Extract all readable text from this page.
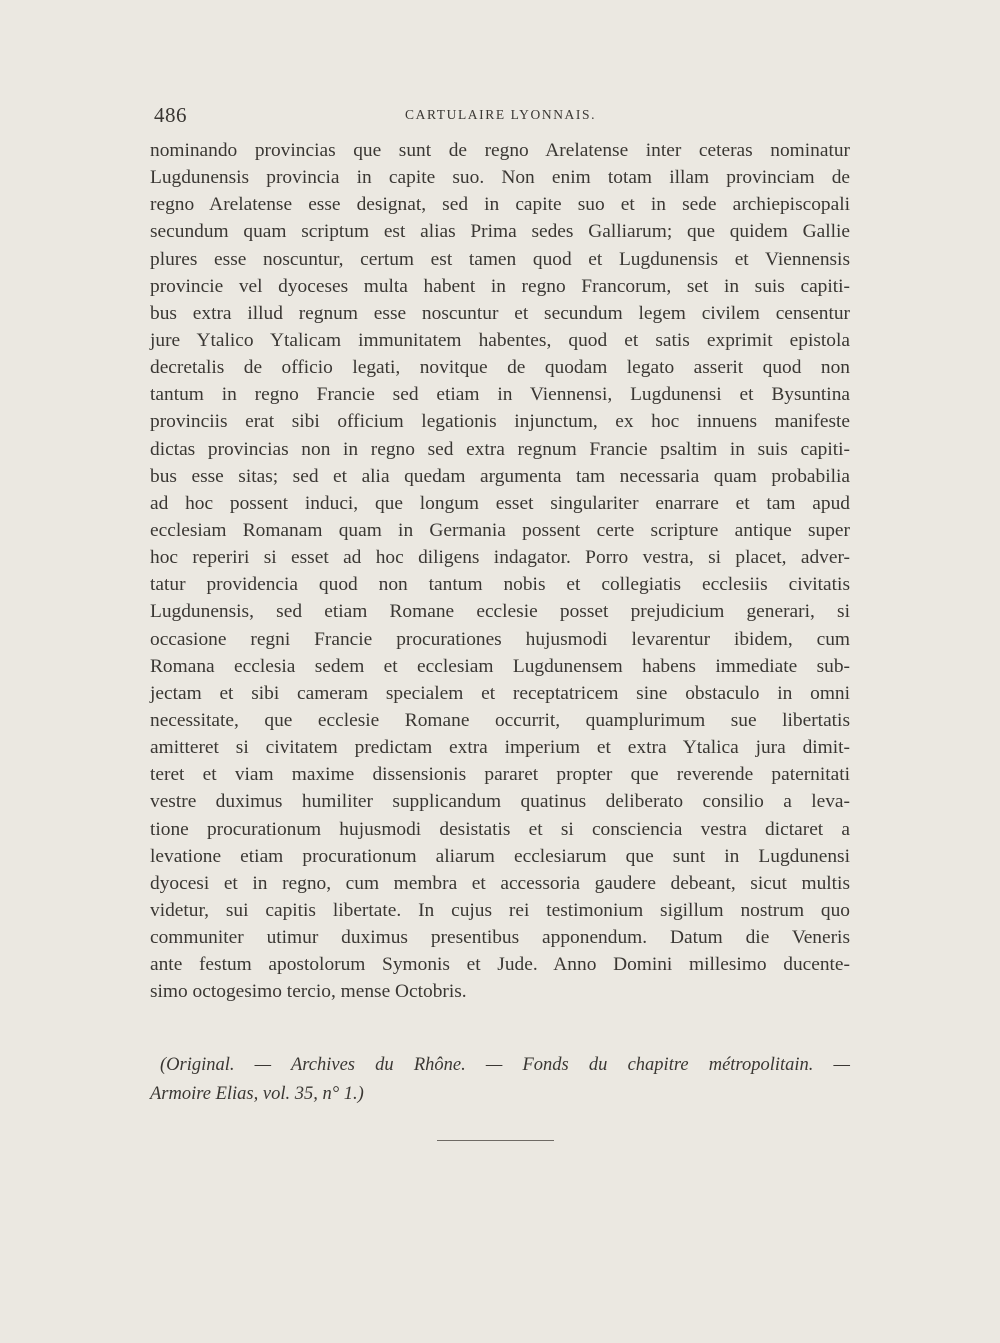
486	CARTULAIRE LYONNAIS.
nominando provincias que sunt de regno Arelatense inter ceteras nominatur
Lugdunensis provincia in capite suo. Non enim totam illam provinciam de
regno Arelatense esse designat, sed in capite suo et in sede archiepiscopali
secundum quam scriptum est alias Prima sedes Galliarum; que quidem Gallie
plures esse noscuntur, certum est tamen quod et Lugdunensis et Viennensis
provincie vel dyoceses multa habent in regno Francorum, set in suis capiti-
bus extra illud regnum esse noscuntur et secundum legem civilem censentur
jure Ytalico Ytalicam immunitatem habentes, quod et satis exprimit epistola
decretalis de officio legati, novitque de quodam legato asserit quod non
tantum in regno Francie sed etiam in Viennensi, Lugdunensi et Bysuntina
provinciis erat sibi officium legationis injunctum, ex hoc innuens manifeste
dictas provincias non in regno sed extra regnum Francie psaltim in suis capiti-
bus esse sitas; sed et alia quedam argumenta tam necessaria quam probabilia
ad hoc possent induci, que longum esset singulariter enarrare et tam apud
ecclesiam Romanam quam in Germania possent certe scripture antique super
hoc reperiri si esset ad hoc diligens indagator. Porro vestra, si placet, adver-
tatur providencia quod non tantum nobis et collegiatis ecclesiis civitatis
Lugdunensis, sed etiam Romane ecclesie posset prejudicium generari, si
occasione regni Francie procurationes hujusmodi levarentur ibidem, cum
Romana ecclesia sedem et ecclesiam Lugdunensem habens immediate sub-
jectam et sibi cameram specialem et receptatricem sine obstaculo in omni
necessitate, que ecclesie Romane occurrit, quamplurimum sue libertatis
amitteret si civitatem predictam extra imperium et extra Ytalica jura dimit-
teret et viam maxime dissensionis pararet propter que reverende paternitati
vestre duximus humiliter supplicandum quatinus deliberato consilio a leva-
tione procurationum hujusmodi desistatis et si consciencia vestra dictaret a
levatione etiam procurationum aliarum ecclesiarum que sunt in Lugdunensi
dyocesi et in regno, cum membra et accessoria gaudere debeant, sicut multis
videtur, sui capitis libertate. In cujus rei testimonium sigillum nostrum quo
communiter utimur duximus presentibus apponendum. Datum die Veneris
ante festum apostolorum Symonis et Jude. Anno Domini millesimo ducente-
simo octogesimo tercio, mense Octobris.
(Original. — Archives du Rhône. — Fonds du chapitre métropolitain. —
Armoire Elias, vol. 35, n° 1.)
